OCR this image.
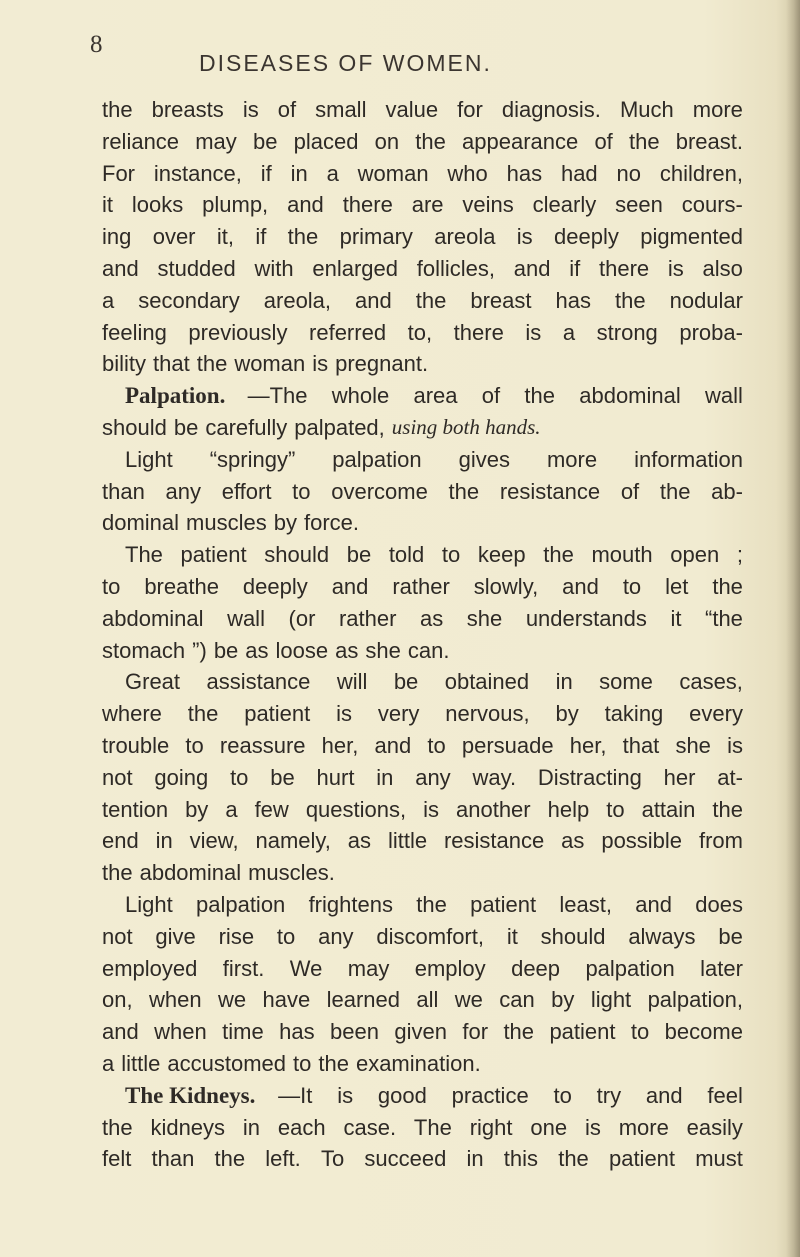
8
DISEASES OF WOMEN.
the breasts is of small value for diagnosis. Much more
reliance may be placed on the appearance of the breast.
For instance, if in a woman who has had no children,
it looks plump, and there are veins clearly seen cours-
ing over it, if the primary areola is deeply pigmented
and studded with enlarged follicles, and if there is also
a secondary areola, and the breast has the nodular
feeling previously referred to, there is a strong proba-
bility that the woman is pregnant.
Palpation. —The whole area of the abdominal wall
should be carefully palpated, using both hands.
Light “springy” palpation gives more information
than any effort to overcome the resistance of the ab-
dominal muscles by force.
The patient should be told to keep the mouth open ;
to breathe deeply and rather slowly, and to let the
abdominal wall (or rather as she understands it “the
stomach ”) be as loose as she can.
Great assistance will be obtained in some cases,
where the patient is very nervous, by taking every
trouble to reassure her, and to persuade her, that she is
not going to be hurt in any way. Distracting her at-
tention by a few questions, is another help to attain the
end in view, namely, as little resistance as possible from
the abdominal muscles.
Light palpation frightens the patient least, and does
not give rise to any discomfort, it should always be
employed first. We may employ deep palpation later
on, when we have learned all we can by light palpation,
and when time has been given for the patient to become
a little accustomed to the examination.
The Kidneys. —It is good practice to try and feel
the kidneys in each case. The right one is more easily
felt than the left. To succeed in this the patient must
